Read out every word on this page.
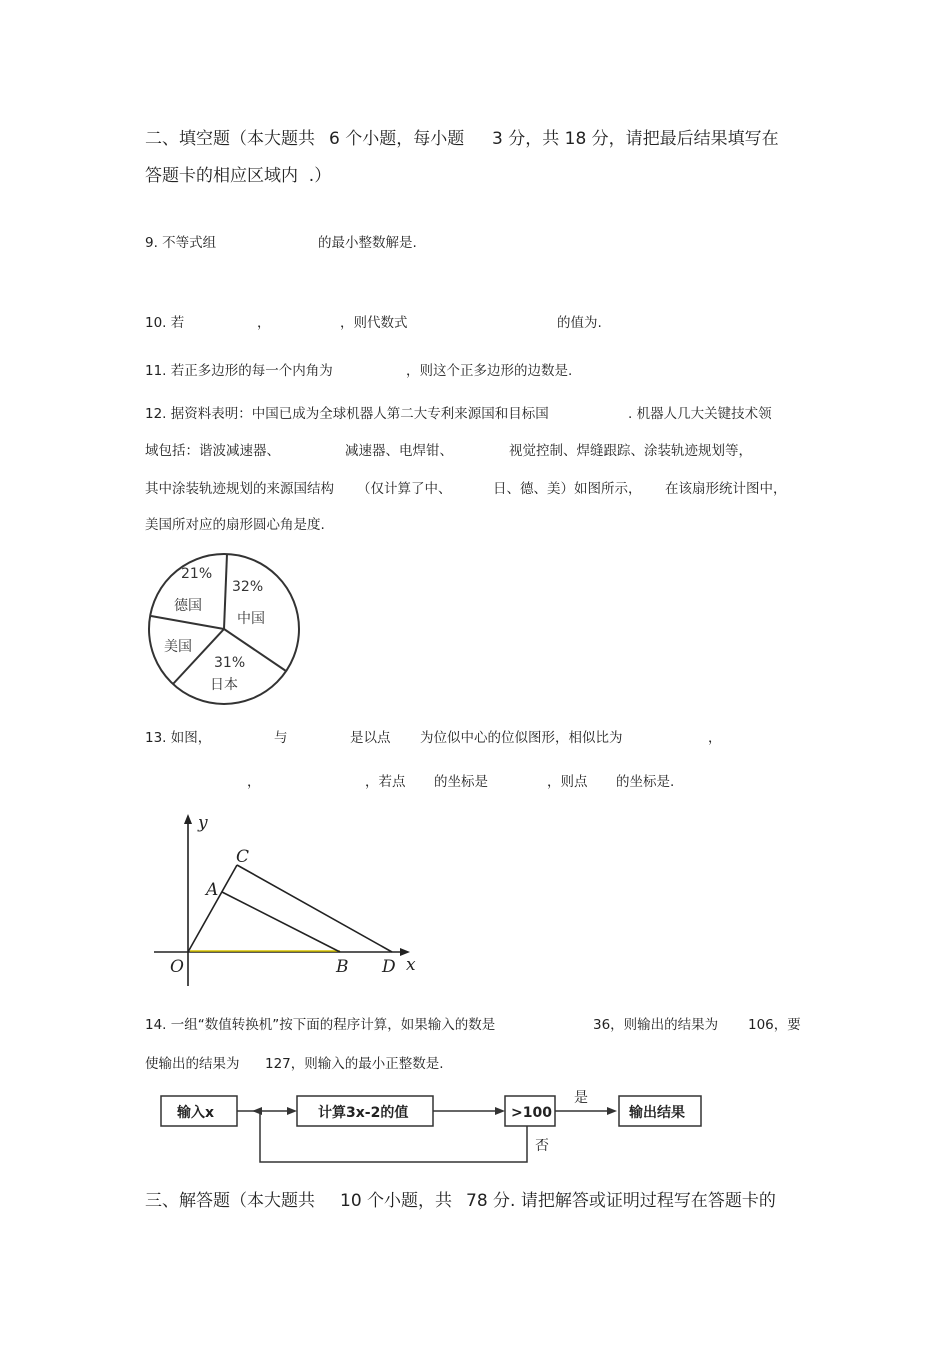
二、填空题（本大题共 6 个小题，每小题 3 分，共 18 分，请把最后结果填写在
答题卡的相应区域内  .）
9. 不等式组	的最小整数解是.
10. 若	，	，则代数式	的值为.
11. 若正多边形的每一个内角为	，则这个正多边形的边数是.
12. 据资料表明：中国已成为全球机器人第二大专利来源国和目标国	. 机器人几大关键技术领
域包括：谐波减速器、	减速器、电焊钳、	视觉控制、焊缝跟踪、涂装轨迹规划等，
其中涂装轨迹规划的来源国结构 （仅计算了中、	日、德、美）如图所示， 在该扇形统计图中，
美国所对应的扇形圆心角是度.
21%
德国
32%
中国
美国
31%
日本
13. 如图，	与	是以点 为位似中心的位似图形，相似比为	，
，	，若点 的坐标是	，则点 的坐标是.
y
x
O
A
B
C
D
14. 一组“数值转换机”按下面的程序计算，如果输入的数是	36，则输出的结果为 106，要
使输出的结果为 127，则输入的最小正整数是.
输入x	计算3x-2的值	>100
是
输出结果
否
三、解答题（本大题共 10 个小题，共 78 分. 请把解答或证明过程写在答题卡的
